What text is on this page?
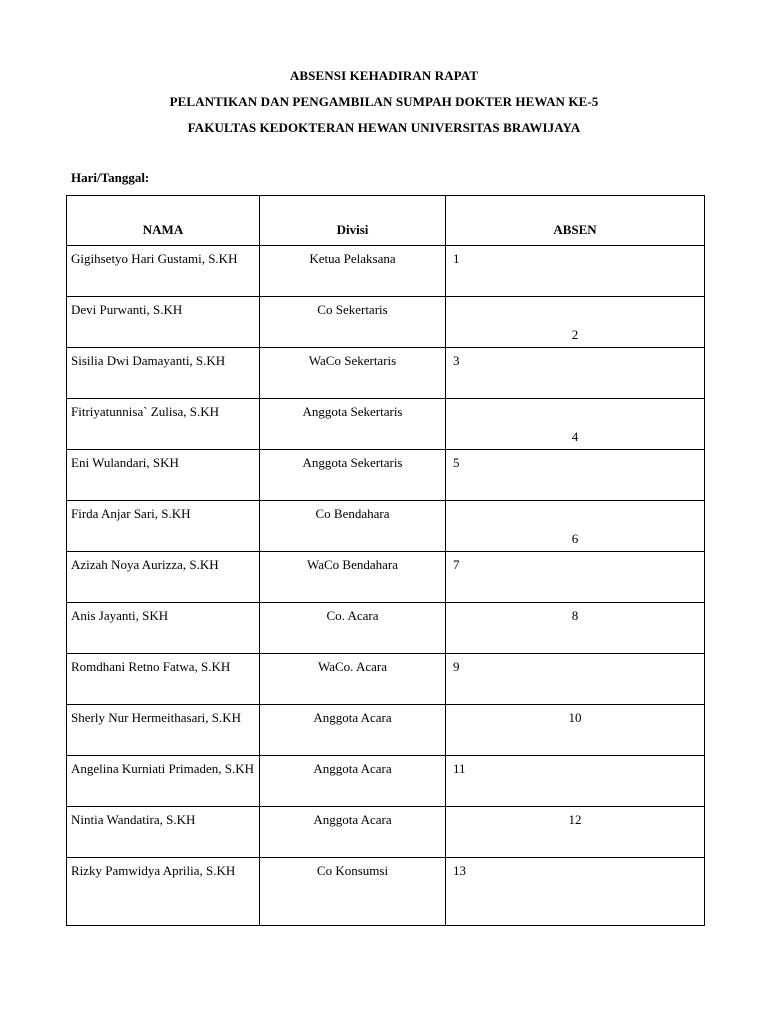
ABSENSI KEHADIRAN RAPAT
PELANTIKAN DAN PENGAMBILAN SUMPAH DOKTER HEWAN KE-5
FAKULTAS KEDOKTERAN HEWAN UNIVERSITAS BRAWIJAYA
Hari/Tanggal:
NAMA	Divisi	ABSEN

Gigihsetyo Hari Gustami, S.KH	Ketua Pelaksana	1
Devi Purwanti, S.KH	Co Sekertaris	2

Sisilia Dwi Damayanti, S.KH	WaCo Sekertaris	3
Fitriyatunnisa` Zulisa, S.KH	Anggota Sekertaris	4

Eni Wulandari, SKH	Anggota Sekertaris	5
Firda Anjar Sari, S.KH	Co Bendahara	6

Azizah Noya Aurizza, S.KH	WaCo Bendahara	7
Anis Jayanti, SKH	Co. Acara	8
Romdhani Retno Fatwa, S.KH	WaCo. Acara	9
Sherly Nur Hermeithasari, S.KH	Anggota Acara	10
Angelina Kurniati Primaden, S.KH	Anggota Acara	11
Nintia Wandatira, S.KH	Anggota Acara	12
Rizky Pamwidya Aprilia, S.KH	Co Konsumsi	13
